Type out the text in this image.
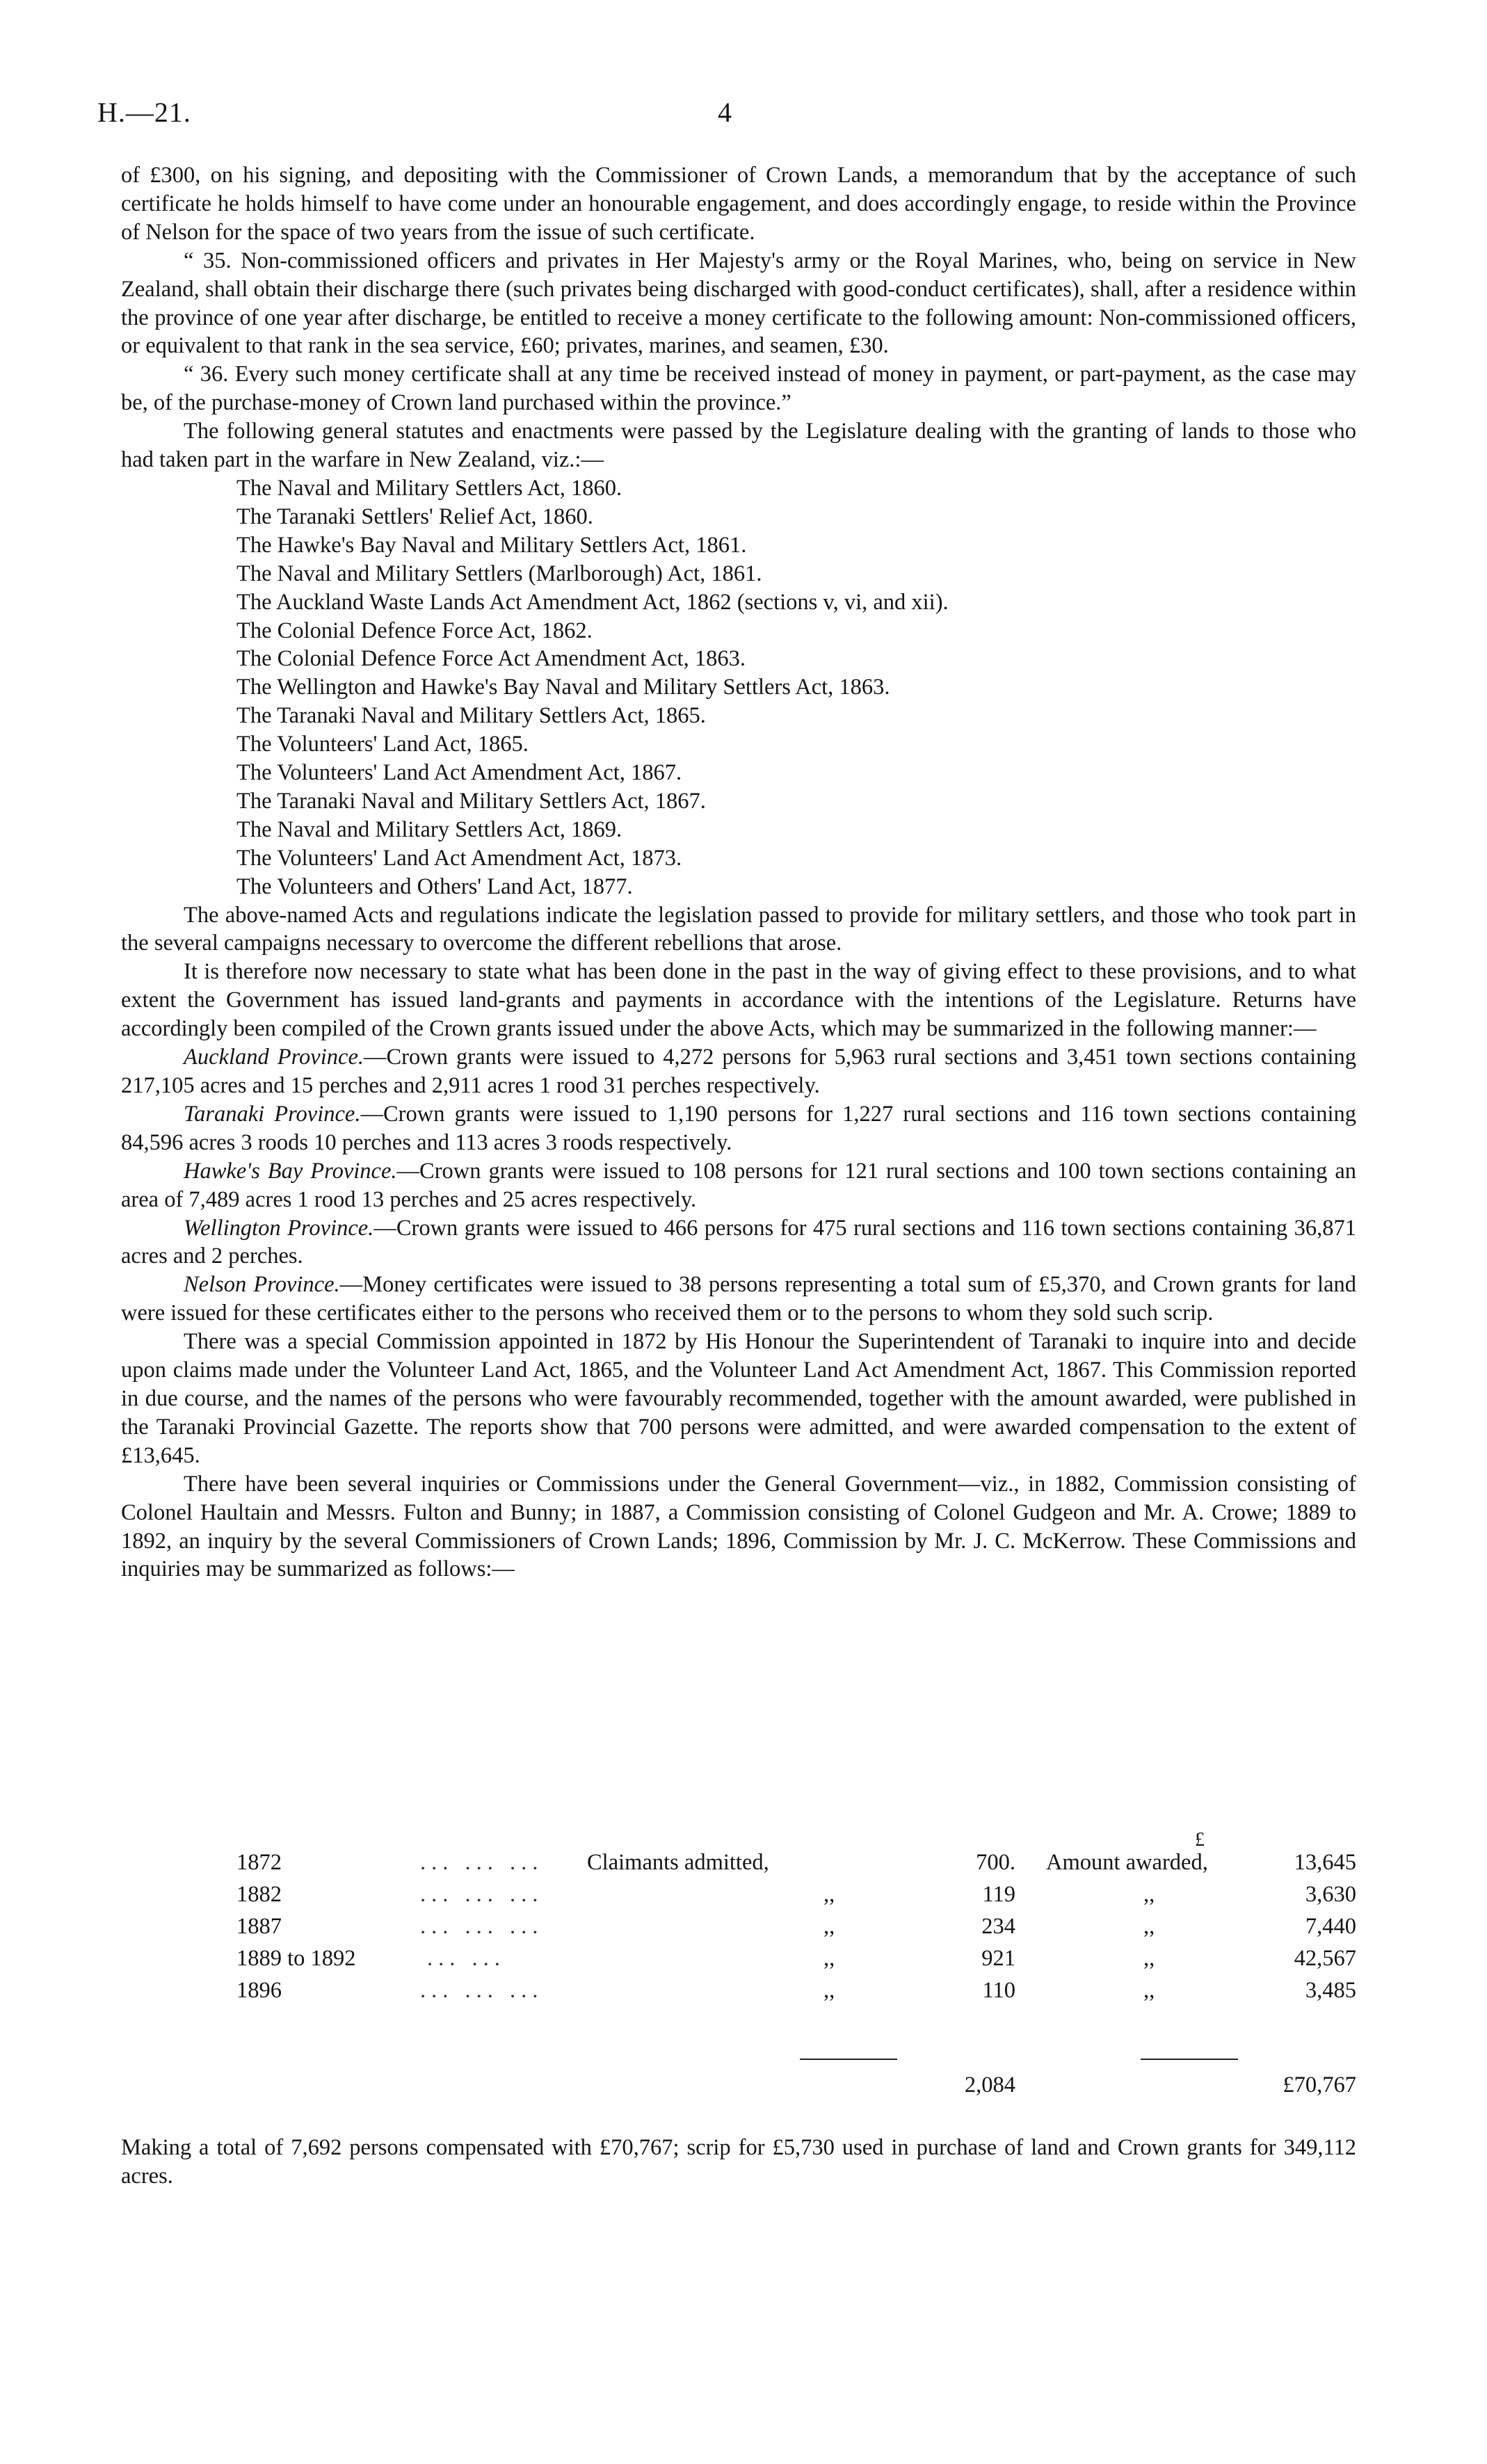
H.—21.	4

of £300, on his signing, and depositing with the Commissioner of Crown Lands, a memorandum that by the acceptance of such certificate he holds himself to have come under an honourable engagement, and does accordingly engage, to reside within the Province of Nelson for the space of two years from the issue of such certificate.

“ 35. Non-commissioned officers and privates in Her Majesty's army or the Royal Marines, who, being on service in New Zealand, shall obtain their discharge there (such privates being discharged with good-conduct certificates), shall, after a residence within the province of one year after discharge, be entitled to receive a money certificate to the following amount: Non-commissioned officers, or equivalent to that rank in the sea service, £60; privates, marines, and seamen, £30.

“ 36. Every such money certificate shall at any time be received instead of money in payment, or part-payment, as the case may be, of the purchase-money of Crown land purchased within the province.”

The following general statutes and enactments were passed by the Legislature dealing with the granting of lands to those who had taken part in the warfare in New Zealand, viz.:—

The Naval and Military Settlers Act, 1860.
The Taranaki Settlers' Relief Act, 1860.
The Hawke's Bay Naval and Military Settlers Act, 1861.
The Naval and Military Settlers (Marlborough) Act, 1861.
The Auckland Waste Lands Act Amendment Act, 1862 (sections v, vi, and xii).
The Colonial Defence Force Act, 1862.
The Colonial Defence Force Act Amendment Act, 1863.
The Wellington and Hawke's Bay Naval and Military Settlers Act, 1863.
The Taranaki Naval and Military Settlers Act, 1865.
The Volunteers' Land Act, 1865.
The Volunteers' Land Act Amendment Act, 1867.
The Taranaki Naval and Military Settlers Act, 1867.
The Naval and Military Settlers Act, 1869.
The Volunteers' Land Act Amendment Act, 1873.
The Volunteers and Others' Land Act, 1877.

The above-named Acts and regulations indicate the legislation passed to provide for military settlers, and those who took part in the several campaigns necessary to overcome the different rebellions that arose.

It is therefore now necessary to state what has been done in the past in the way of giving effect to these provisions, and to what extent the Government has issued land-grants and payments in accordance with the intentions of the Legislature. Returns have accordingly been compiled of the Crown grants issued under the above Acts, which may be summarized in the following manner:—

Auckland Province.—Crown grants were issued to 4,272 persons for 5,963 rural sections and 3,451 town sections containing 217,105 acres and 15 perches and 2,911 acres 1 rood 31 perches respectively.

Taranaki Province.—Crown grants were issued to 1,190 persons for 1,227 rural sections and 116 town sections containing 84,596 acres 3 roods 10 perches and 113 acres 3 roods respectively.

Hawke's Bay Province.—Crown grants were issued to 108 persons for 121 rural sections and 100 town sections containing an area of 7,489 acres 1 rood 13 perches and 25 acres respectively.

Wellington Province.—Crown grants were issued to 466 persons for 475 rural sections and 116 town sections containing 36,871 acres and 2 perches.

Nelson Province.—Money certificates were issued to 38 persons representing a total sum of £5,370, and Crown grants for land were issued for these certificates either to the persons who received them or to the persons to whom they sold such scrip.

There was a special Commission appointed in 1872 by His Honour the Superintendent of Taranaki to inquire into and decide upon claims made under the Volunteer Land Act, 1865, and the Volunteer Land Act Amendment Act, 1867. This Commission reported in due course, and the names of the persons who were favourably recommended, together with the amount awarded, were published in the Taranaki Provincial Gazette. The reports show that 700 persons were admitted, and were awarded compensation to the extent of £13,645.

There have been several inquiries or Commissions under the General Government—viz., in 1882, Commission consisting of Colonel Haultain and Messrs. Fulton and Bunny; in 1887, a Commission consisting of Colonel Gudgeon and Mr. A. Crowe; 1889 to 1892, an inquiry by the several Commissioners of Crown Lands; 1896, Commission by Mr. J. C. McKerrow. These Commissions and inquiries may be summarized as follows:—

£
1872	... ... ... Claimants admitted,	700. Amount awarded,	13,645
1882	... ... ...	,,	119	,,	3,630
1887	... ... ...	,,	234	,,	7,440
1889 to 1892	... ...	,,	921	,,	42,567
1896	... ... ...	,,	110	,,	3,485
2,084	£70,767
Making a total of 7,692 persons compensated with £70,767; scrip for £5,730 used in purchase of land and Crown grants for 349,112 acres.
